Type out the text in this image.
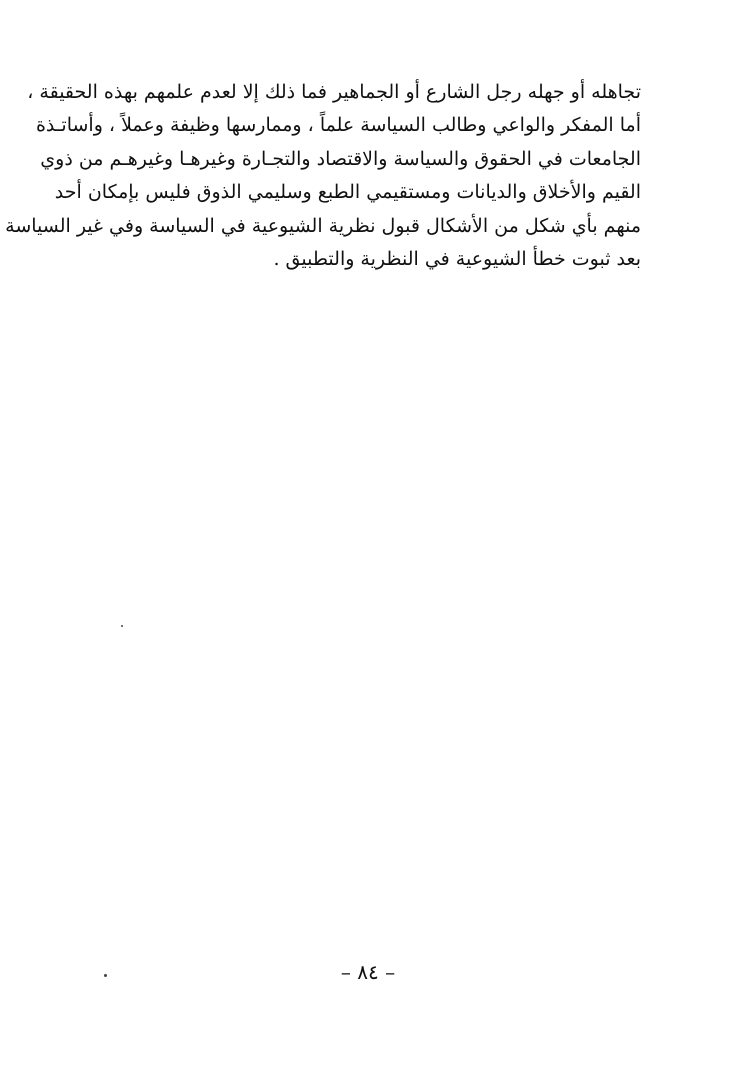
تجاهله أو جهله رجل الشارع أو الجماهير فما ذلك إلا لعدم علمهم بهذه الحقيقة ،
أما المفكر والواعي وطالب السياسة علماً ، وممارسها وظيفة وعملاً ، وأساتـذة
الجامعات في الحقوق والسياسة والاقتصاد والتجـارة وغيرهـا وغيرهـم من ذوي
القيم والأخلاق والديانات ومستقيمي الطبع وسليمي الذوق فليس بإمكان أحد
منهم بأي شكل من الأشكال قبول نظرية الشيوعية في السياسة وفي غير السياسة
بعد ثبوت خطأ الشيوعية في النظرية والتطبيق .
– ٨٤ –
